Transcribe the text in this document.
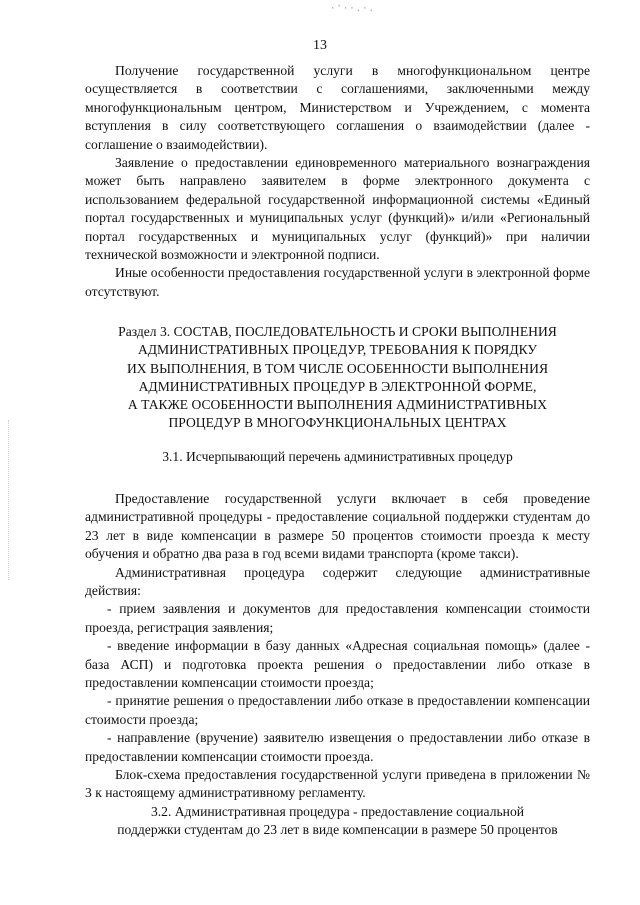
·'··.·.
13

Получение государственной услуги в многофункциональном центре осуществляется в соответствии с соглашениями, заключенными между многофункциональным центром, Министерством и Учреждением, с момента вступления в силу соответствующего соглашения о взаимодействии (далее - соглашение о взаимодействии).

Заявление о предоставлении единовременного материального вознаграждения может быть направлено заявителем в форме электронного документа с использованием федеральной государственной информационной системы «Единый портал государственных и муниципальных услуг (функций)» и/или «Региональный портал государственных и муниципальных услуг (функций)» при наличии технической возможности и электронной подписи.

Иные особенности предоставления государственной услуги в электронной форме отсутствуют.

Раздел 3. СОСТАВ, ПОСЛЕДОВАТЕЛЬНОСТЬ И СРОКИ ВЫПОЛНЕНИЯ
АДМИНИСТРАТИВНЫХ ПРОЦЕДУР, ТРЕБОВАНИЯ К ПОРЯДКУ
ИХ ВЫПОЛНЕНИЯ, В ТОМ ЧИСЛЕ ОСОБЕННОСТИ ВЫПОЛНЕНИЯ
АДМИНИСТРАТИВНЫХ ПРОЦЕДУР В ЭЛЕКТРОННОЙ ФОРМЕ,
А ТАКЖЕ ОСОБЕННОСТИ ВЫПОЛНЕНИЯ АДМИНИСТРАТИВНЫХ
ПРОЦЕДУР В МНОГОФУНКЦИОНАЛЬНЫХ ЦЕНТРАХ

3.1. Исчерпывающий перечень административных процедур

Предоставление государственной услуги включает в себя проведение административной процедуры - предоставление социальной поддержки студентам до 23 лет в виде компенсации в размере 50 процентов стоимости проезда к месту обучения и обратно два раза в год всеми видами транспорта (кроме такси).

Административная процедура содержит следующие административные действия:

- прием заявления и документов для предоставления компенсации стоимости проезда, регистрация заявления;

- введение информации в базу данных «Адресная социальная помощь» (далее - база АСП) и подготовка проекта решения о предоставлении либо отказе в предоставлении компенсации стоимости проезда;

- принятие решения о предоставлении либо отказе в предоставлении компенсации стоимости проезда;

- направление (вручение) заявителю извещения о предоставлении либо отказе в предоставлении компенсации стоимости проезда.

Блок-схема предоставления государственной услуги приведена в приложении № 3 к настоящему административному регламенту.

3.2. Административная процедура - предоставление социальной

поддержки студентам до 23 лет в виде компенсации в размере 50 процентов
